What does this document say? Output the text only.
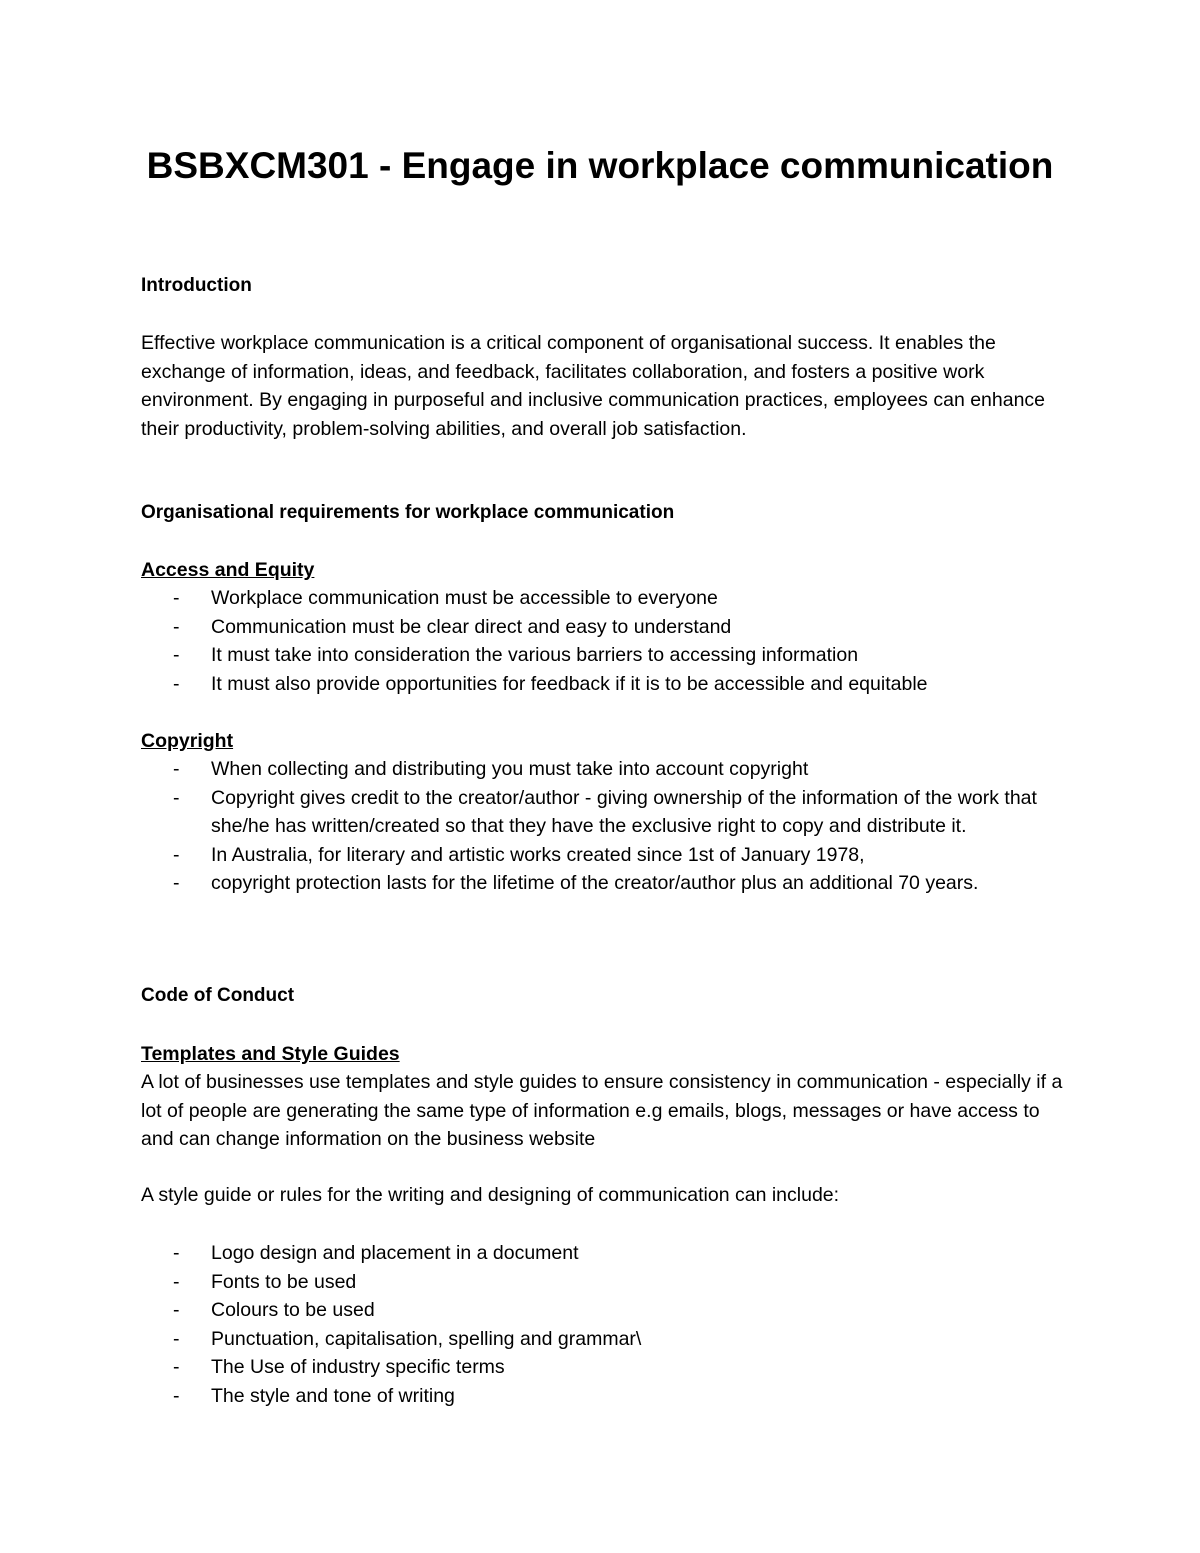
BSBXCM301 - Engage in workplace communication
Introduction

Effective workplace communication is a critical component of organisational success. It enables the exchange of information, ideas, and feedback, facilitates collaboration, and fosters a positive work environment. By engaging in purposeful and inclusive communication practices, employees can enhance their productivity, problem-solving abilities, and overall job satisfaction.

Organisational requirements for workplace communication
Access and Equity
- Workplace communication must be accessible to everyone
- Communication must be clear direct and easy to understand
- It must take into consideration the various barriers to accessing information
- It must also provide opportunities for feedback if it is to be accessible and equitable
Copyright
- When collecting and distributing you must take into account copyright
- Copyright gives credit to the creator/author - giving ownership of the information of the work that she/he has written/created so that they have the exclusive right to copy and distribute it.
- In Australia, for literary and artistic works created since 1st of January 1978,
- copyright protection lasts for the lifetime of the creator/author plus an additional 70 years.
Code of Conduct
Templates and Style Guides

A lot of businesses use templates and style guides to ensure consistency in communication - especially if a lot of people are generating the same type of information e.g emails, blogs, messages or have access to and can change information on the business website

A style guide or rules for the writing and designing of communication can include:

- Logo design and placement in a document
- Fonts to be used
- Colours to be used
- Punctuation, capitalisation, spelling and grammar\
- The Use of industry specific terms
- The style and tone of writing
